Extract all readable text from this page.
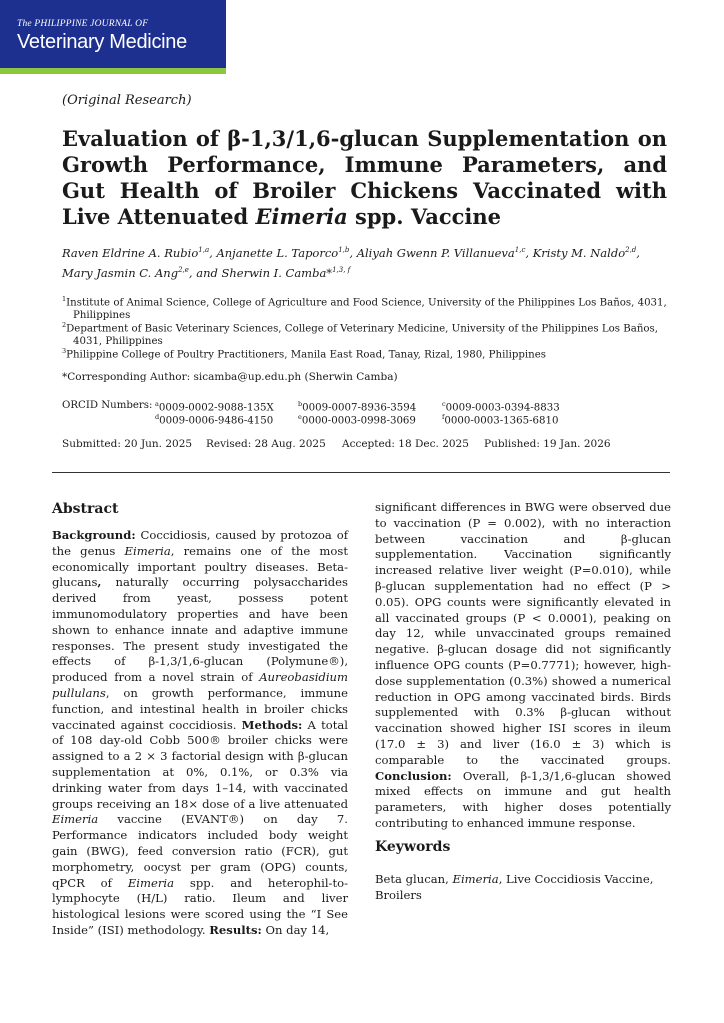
The PHILIPPINE JOURNAL OF
Veterinary Medicine
(Original Research)
Evaluation of β-1,3/1,6-glucan Supplementation on Growth Performance, Immune Parameters, and Gut Health of Broiler Chickens Vaccinated with Live Attenuated Eimeria spp. Vaccine
Raven Eldrine A. Rubio$^{1,a}$, Anjanette L. Taporco$^{1,b}$, Aliyah Gwenn P. Villanueva$^{1,c}$, Kristy M. Naldo$^{2,d}$,
Mary Jasmin C. Ang$^{2,e}$, and Sherwin I. Camba*$^{1,3, f}$
$^1$Institute of Animal Science, College of Agriculture and Food Science, University of the Philippines Los Baños, 4031, Philippines
$^2$Department of Basic Veterinary Sciences, College of Veterinary Medicine, University of the Philippines Los Baños, 4031, Philippines
$^3$Philippine College of Poultry Practitioners, Manila East Road, Tanay, Rizal, 1980, Philippines
*Corresponding Author: sicamba@up.edu.ph (Sherwin Camba)
ORCID Numbers: $^a$0009-0002-9088-135X	$^b$0009-0007-8936-3594	$^c$0009-0003-0394-8833
$^d$0009-0006-9486-4150	$^e$0000-0003-0998-3069	$^f$0000-0003-1365-6810
Submitted: 20 Jun. 2025 Revised: 28 Aug. 2025 Accepted: 18 Dec. 2025 Published: 19 Jan. 2026
Abstract
Background: Coccidiosis, caused by protozoa of the genus Eimeria, remains one of the most economically important poultry diseases. Beta-glucans, naturally occurring polysaccharides derived from yeast, possess potent immunomodulatory properties and have been shown to enhance innate and adaptive immune responses. The present study investigated the effects of β-1,3/1,6-glucan (Polymune®), produced from a novel strain of Aureobasidium pullulans, on growth performance, immune function, and intestinal health in broiler chicks vaccinated against coccidiosis. Methods: A total of 108 day-old Cobb 500® broiler chicks were assigned to a 2 × 3 factorial design with β-glucan supplementation at 0%, 0.1%, or 0.3% via drinking water from days 1–14, with vaccinated groups receiving an 18× dose of a live attenuated Eimeria vaccine (EVANT®) on day 7. Performance indicators included body weight gain (BWG), feed conversion ratio (FCR), gut morphometry, oocyst per gram (OPG) counts, qPCR of Eimeria spp. and heterophil-to-lymphocyte (H/L) ratio. Ileum and liver histological lesions were scored using the “I See Inside” (ISI) methodology. Results: On day 14,
significant differences in BWG were observed due to vaccination (P = 0.002), with no interaction between vaccination and β-glucan supplementation. Vaccination significantly increased relative liver weight (P=0.010), while β-glucan supplementation had no effect (P > 0.05). OPG counts were significantly elevated in all vaccinated groups (P < 0.0001), peaking on day 12, while unvaccinated groups remained negative. β-glucan dosage did not significantly influence OPG counts (P=0.7771); however, high-dose supplementation (0.3%) showed a numerical reduction in OPG among vaccinated birds. Birds supplemented with 0.3% β-glucan without vaccination showed higher ISI scores in ileum (17.0 ± 3) and liver (16.0 ± 3) which is comparable to the vaccinated groups. Conclusion: Overall, β-1,3/1,6-glucan showed mixed effects on immune and gut health parameters, with higher doses potentially contributing to enhanced immune response.
Keywords
Beta glucan, Eimeria, Live Coccidiosis Vaccine, Broilers
